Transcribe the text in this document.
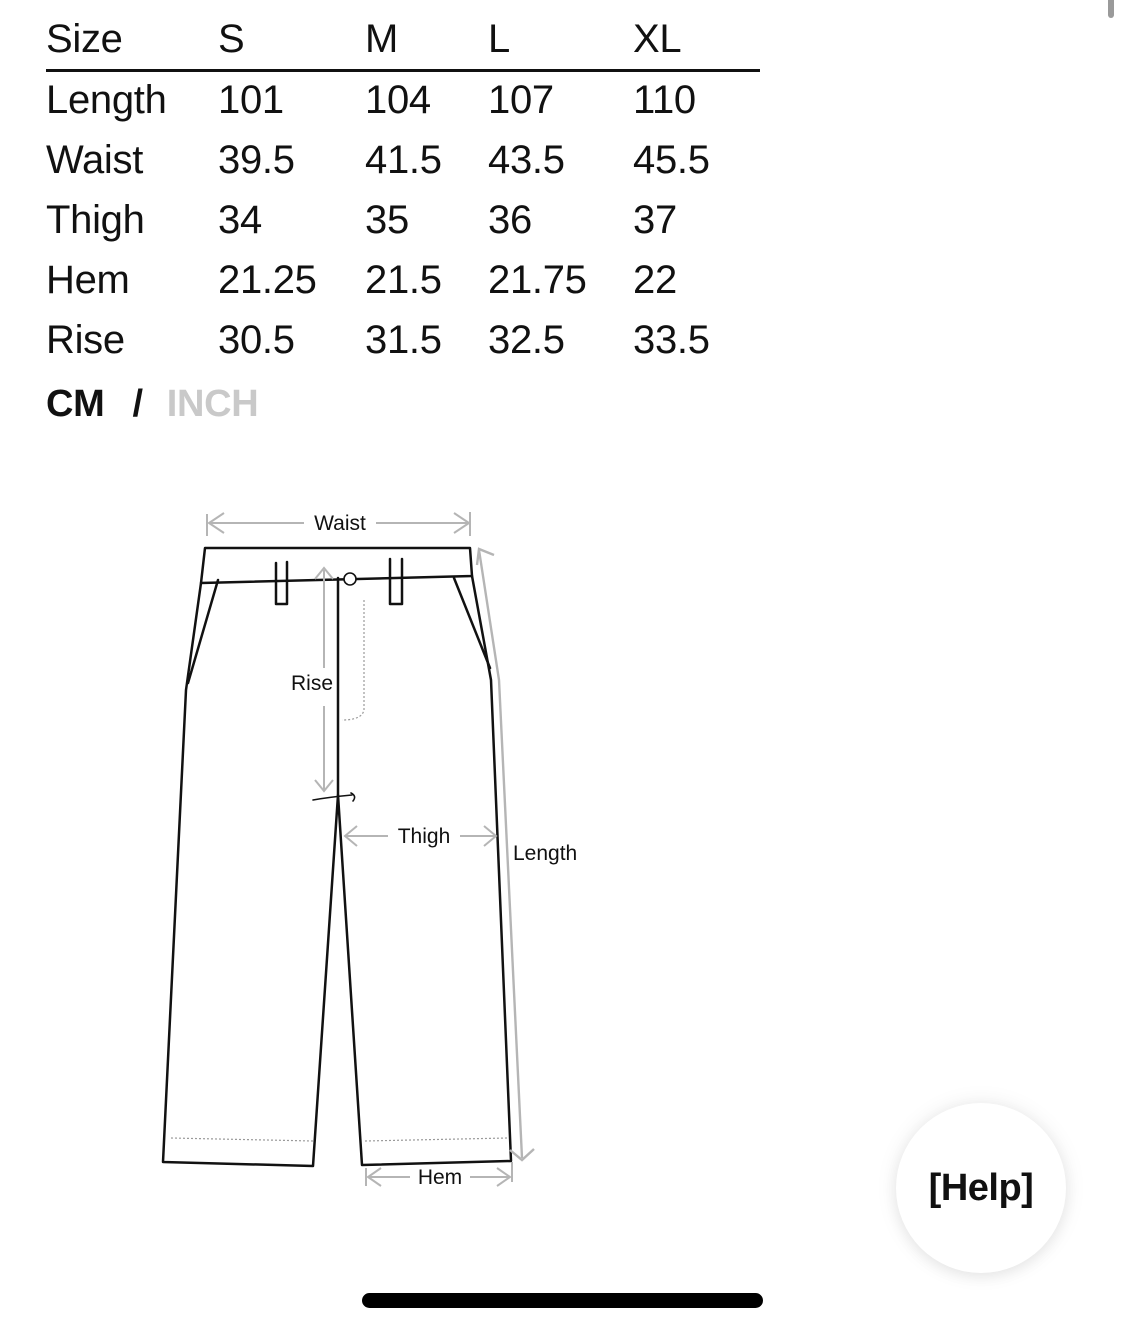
Size	S	M	L	XL
Length	101	104	107	110
Waist	39.5	41.5	43.5	45.5
Thigh	34	35	36	37
Hem	21.25	21.5	21.75	22
Rise	30.5	31.5	32.5	33.5
CM / INCH
Waist
Rise
Thigh
Length
Hem	[Help]
